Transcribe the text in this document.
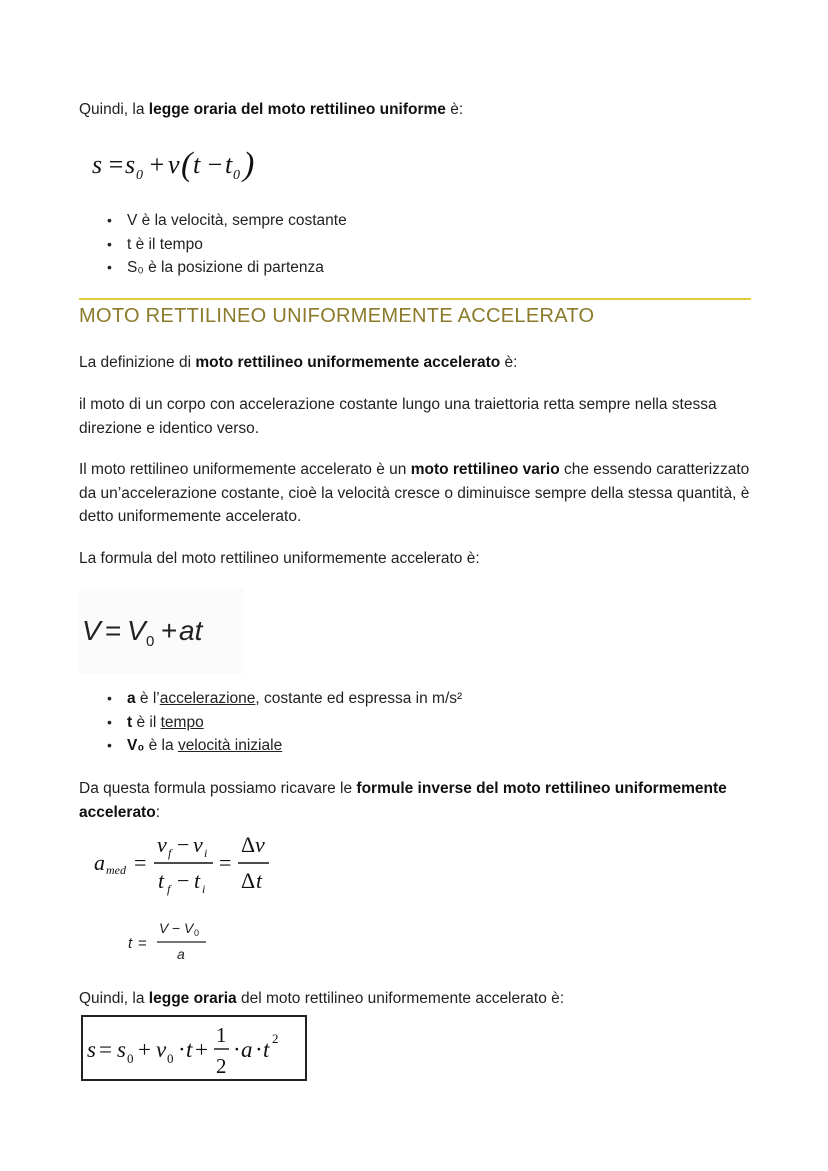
Quindi, la legge oraria del moto rettilineo uniforme è:

s = s 0 + v ( t − t 0 )
• V è la velocità, sempre costante
• t è il tempo
• S₀ è la posizione di partenza
MOTO RETTILINEO UNIFORMEMENTE ACCELERATO

La definizione di moto rettilineo uniformemente accelerato è:

il moto di un corpo con accelerazione costante lungo una traiettoria retta sempre nella stessa direzione e identico verso.

Il moto rettilineo uniformemente accelerato è un moto rettilineo vario che essendo caratterizzato da un’accelerazione costante, cioè la velocità cresce o diminuisce sempre della stessa quantità, è detto uniformemente accelerato.

La formula del moto rettilineo uniformemente accelerato è:

V = V 0 + at
• a è l’accelerazione, costante ed espressa in m/s²
• t è il tempo
• V₀ è la velocità iniziale

Da questa formula possiamo ricavare le formule inverse del moto rettilineo uniformemente accelerato:

a med =
v f − v i
t f − t i
=
Δ v
Δ t
t =
V − V 0
a

Quindi, la legge oraria del moto rettilineo uniformemente accelerato è:

s = s 0 + v 0 · t +
1
2
· a · t 2
